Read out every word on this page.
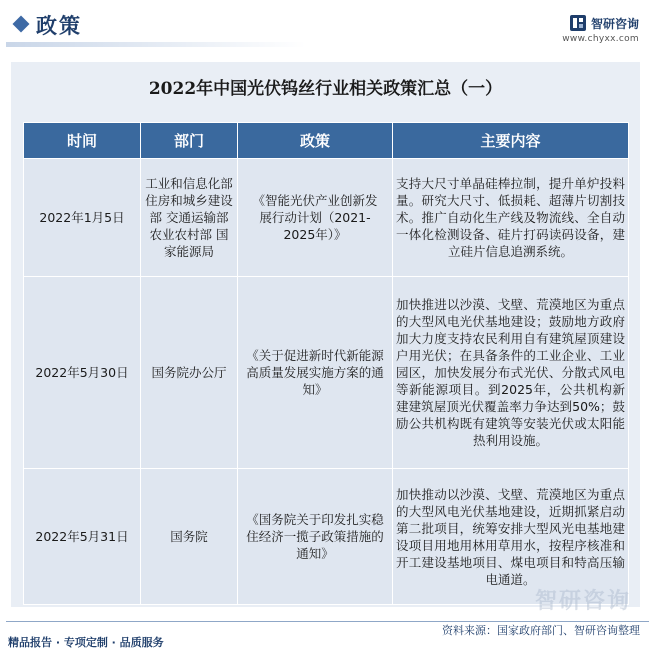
政策	智研咨询
www.chyxx.com
2022年中国光伏钨丝行业相关政策汇总（一）
时间	部门	政策	主要内容
2022年1月5日	工业和信息化部 住房和城乡建设部 交通运输部 农业农村部 国家能源局	《智能光伏产业创新发展行动计划（2021-2025年）》	支持大尺寸单晶硅棒拉制，提升单炉投料量。研究大尺寸、低损耗、超薄片切割技术。推广自动化生产线及物流线、全自动一体化检测设备、硅片打码读码设备，建立硅片信息追溯系统。
2022年5月30日	国务院办公厅	《关于促进新时代新能源高质量发展实施方案的通知》	加快推进以沙漠、戈壁、荒漠地区为重点的大型风电光伏基地建设；鼓励地方政府加大力度支持农民利用自有建筑屋顶建设户用光伏；在具备条件的工业企业、工业园区，加快发展分布式光伏、分散式风电等新能源项目。到2025年，公共机构新建建筑屋顶光伏覆盖率力争达到50%；鼓励公共机构既有建筑等安装光伏或太阳能热利用设施。
2022年5月31日	国务院	《国务院关于印发扎实稳住经济一揽子政策措施的通知》	加快推动以沙漠、戈壁、荒漠地区为重点的大型风电光伏基地建设，近期抓紧启动第二批项目，统筹安排大型风光电基地建设项目用地用林用草用水，按程序核准和开工建设基地项目、煤电项目和特高压输电通道。
智研咨询
精品报告 · 专项定制 · 品质服务
资料来源：国家政府部门、智研咨询整理
